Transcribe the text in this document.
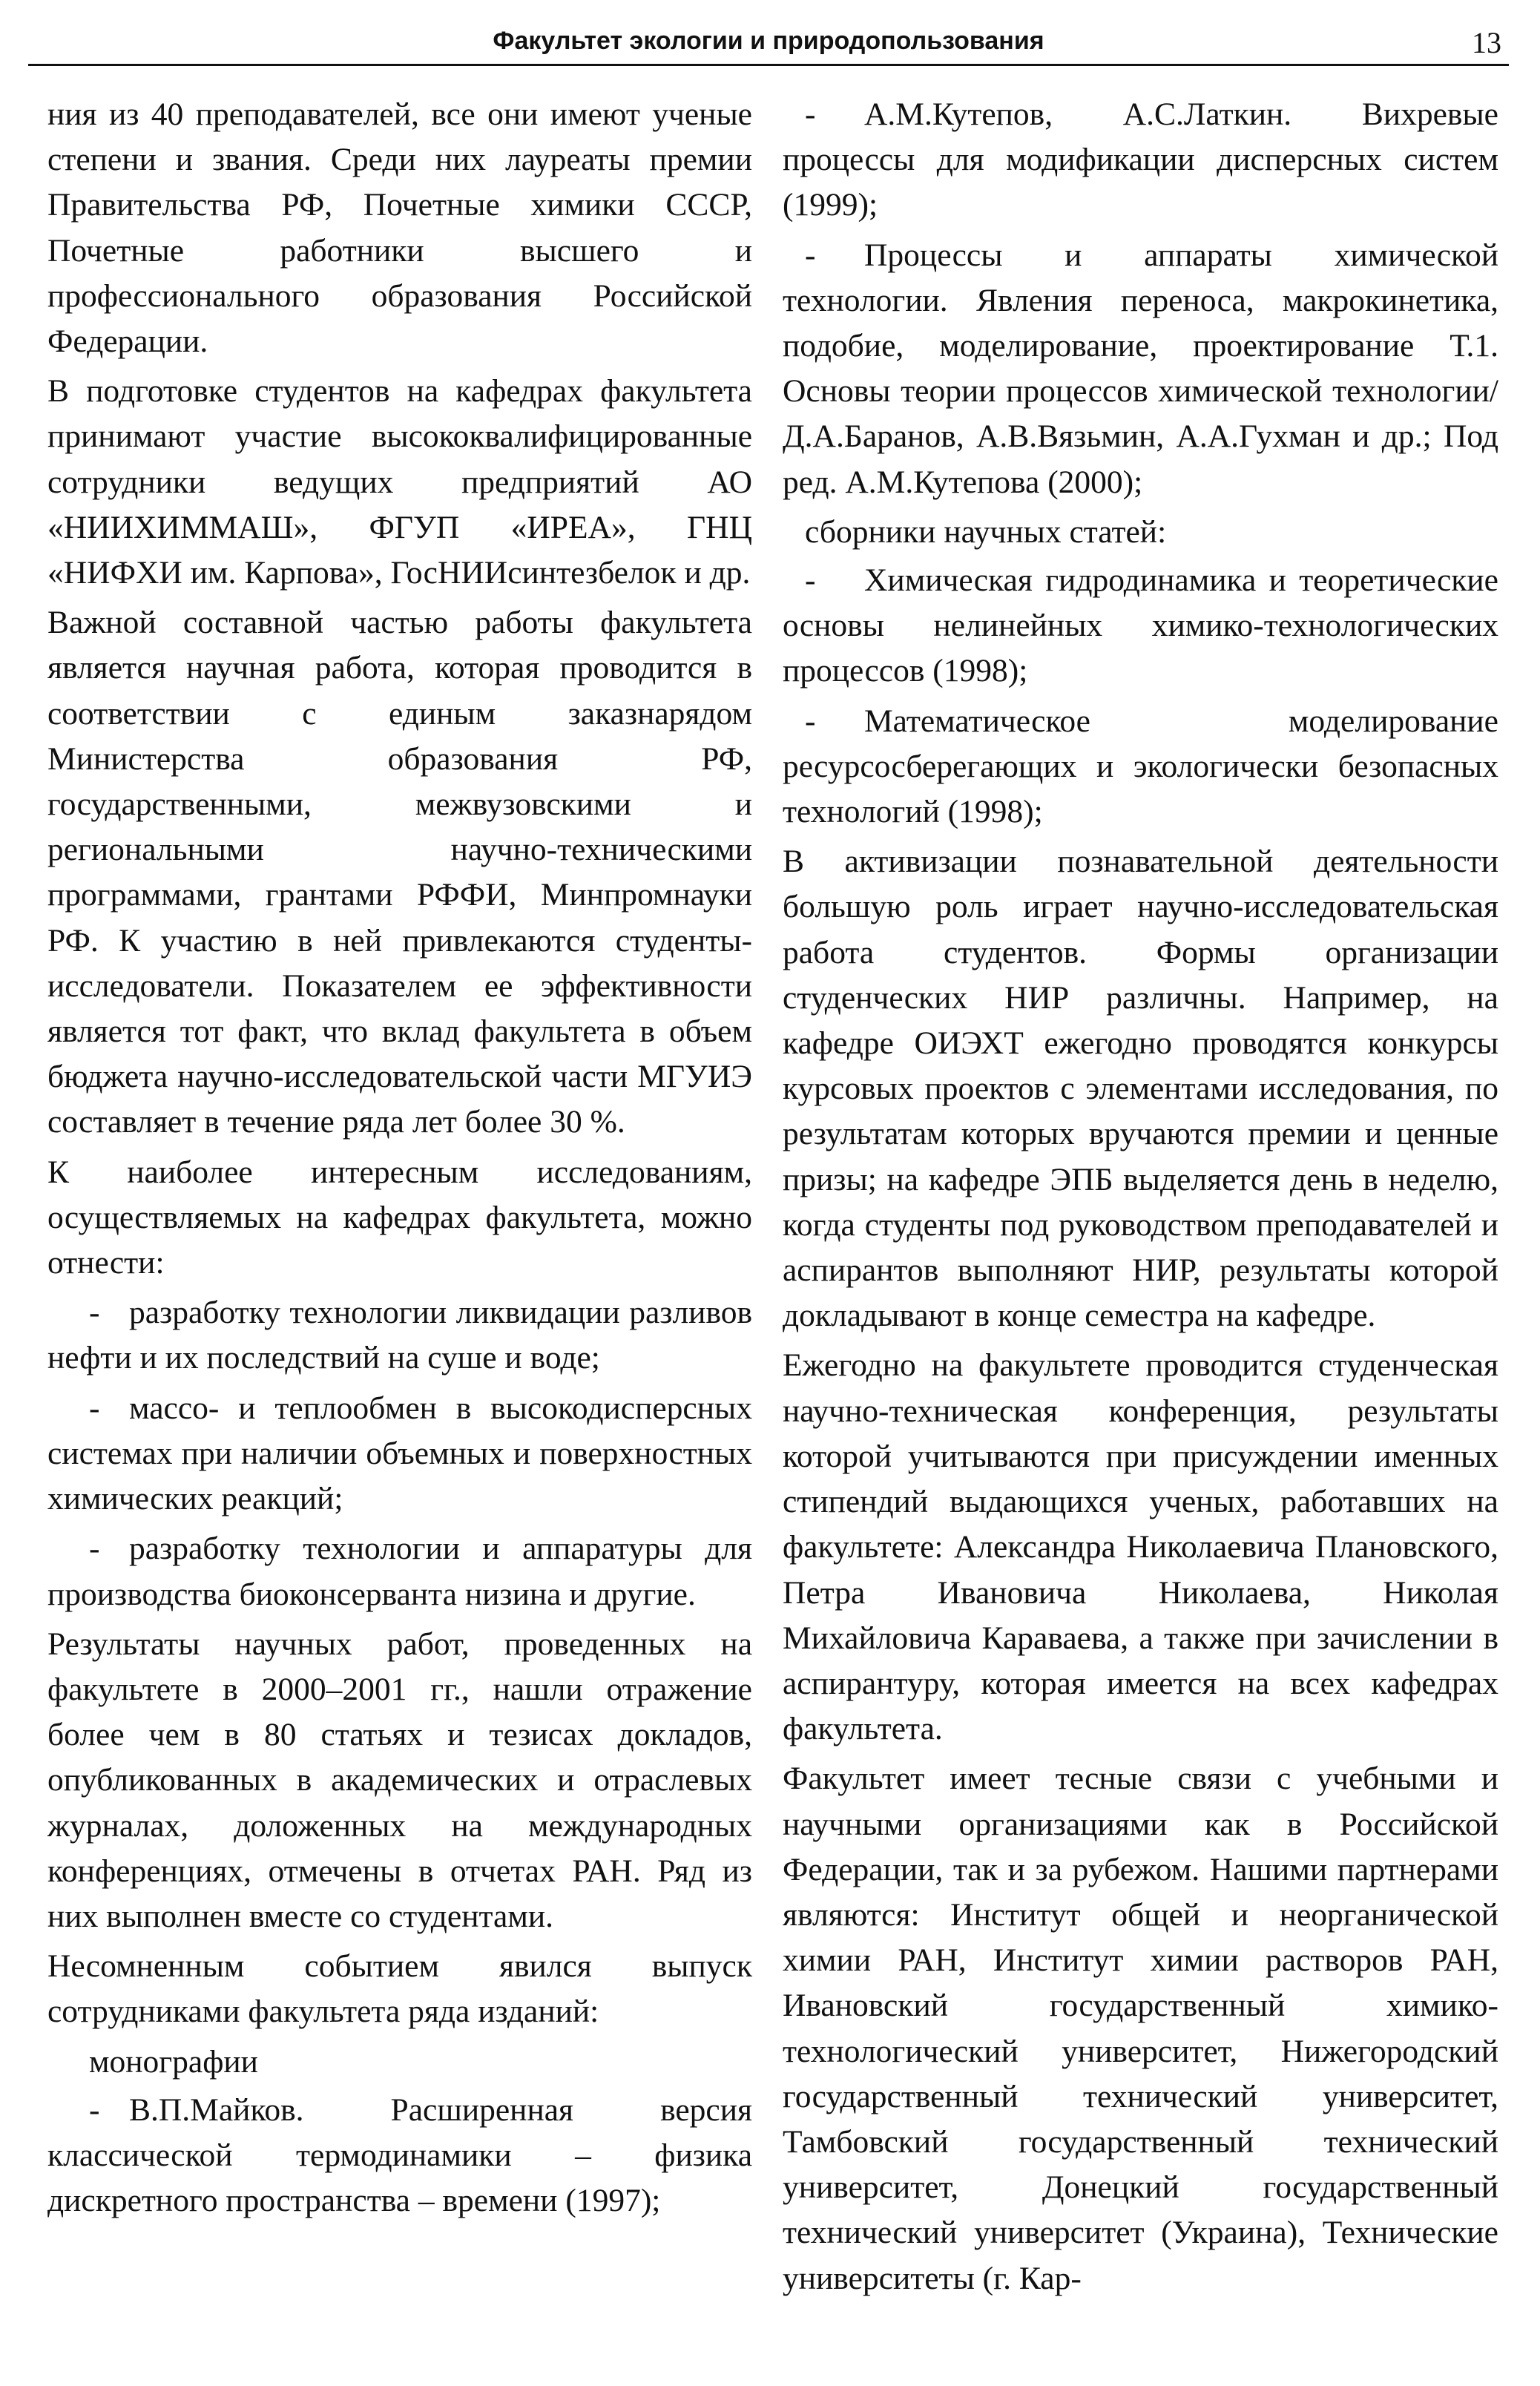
Факультет экологии и природопользования	13

ния из 40 преподавателей, все они имеют ученые степени и звания. Среди них лауреаты премии Правительства РФ, Почетные химики СССР, Почетные работники высшего и профессионального образования Российской Федерации.

В подготовке студентов на кафедрах факультета принимают участие высококвалифицированные сотрудники ведущих предприятий АО «НИИХИММАШ», ФГУП «ИРЕА», ГНЦ «НИФХИ им. Карпова», ГосНИИсинтезбелок и др.

Важной составной частью работы факультета является научная работа, которая проводится в соответствии с единым заказнарядом Министерства образования РФ, государственными, межвузовскими и региональными научно-техническими программами, грантами РФФИ, Минпромнауки РФ. К участию в ней привлекаются студенты-исследователи. Показателем ее эффективности является тот факт, что вклад факультета в объем бюджета научно-исследовательской части МГУИЭ составляет в течение ряда лет более 30 %.

К наиболее интересным исследованиям, осуществляемых на кафедрах факультета, можно отнести:

- разработку технологии ликвидации разливов нефти и их последствий на суше и воде;

- массо- и теплообмен в высокодисперсных системах при наличии объемных и поверхностных химических реакций;

- разработку технологии и аппаратуры для производства биоконсерванта низина и другие.

Результаты научных работ, проведенных на факультете в 2000–2001 гг., нашли отражение более чем в 80 статьях и тезисах докладов, опубликованных в академических и отраслевых журналах, доложенных на международных конференциях, отмечены в отчетах РАН. Ряд из них выполнен вместе со студентами.

Несомненным событием явился выпуск сотрудниками факультета ряда изданий:

монографии

- В.П.Майков. Расширенная версия классической термодинамики – физика дискретного пространства – времени (1997);

- А.М.Кутепов, А.С.Латкин. Вихревые процессы для модификации дисперсных систем (1999);

- Процессы и аппараты химической технологии. Явления переноса, макрокинетика, подобие, моделирование, проектирование Т.1. Основы теории процессов химической технологии/ Д.А.Баранов, А.В.Вязьмин, А.А.Гухман и др.; Под ред. А.М.Кутепова (2000);

сборники научных статей:

- Химическая гидродинамика и теоретические основы нелинейных химико-технологических процессов (1998);

- Математическое моделирование ресурсосберегающих и экологически безопасных технологий (1998);

В активизации познавательной деятельности большую роль играет научно-исследовательская работа студентов. Формы организации студенческих НИР различны. Например, на кафедре ОИЭХТ ежегодно проводятся конкурсы курсовых проектов с элементами исследования, по результатам которых вручаются премии и ценные призы; на кафедре ЭПБ выделяется день в неделю, когда студенты под руководством преподавателей и аспирантов выполняют НИР, результаты которой докладывают в конце семестра на кафедре.

Ежегодно на факультете проводится студенческая научно-техническая конференция, результаты которой учитываются при присуждении именных стипендий выдающихся ученых, работавших на факультете: Александра Николаевича Плановского, Петра Ивановича Николаева, Николая Михайловича Караваева, а также при зачислении в аспирантуру, которая имеется на всех кафедрах факультета.

Факультет имеет тесные связи с учебными и научными организациями как в Российской Федерации, так и за рубежом. Нашими партнерами являются: Институт общей и неорганической химии РАН, Институт химии растворов РАН, Ивановский государственный химико-технологический университет, Нижегородский государственный технический университет, Тамбовский государственный технический университет, Донецкий государственный технический университет (Украина), Технические университеты (г. Кар-
